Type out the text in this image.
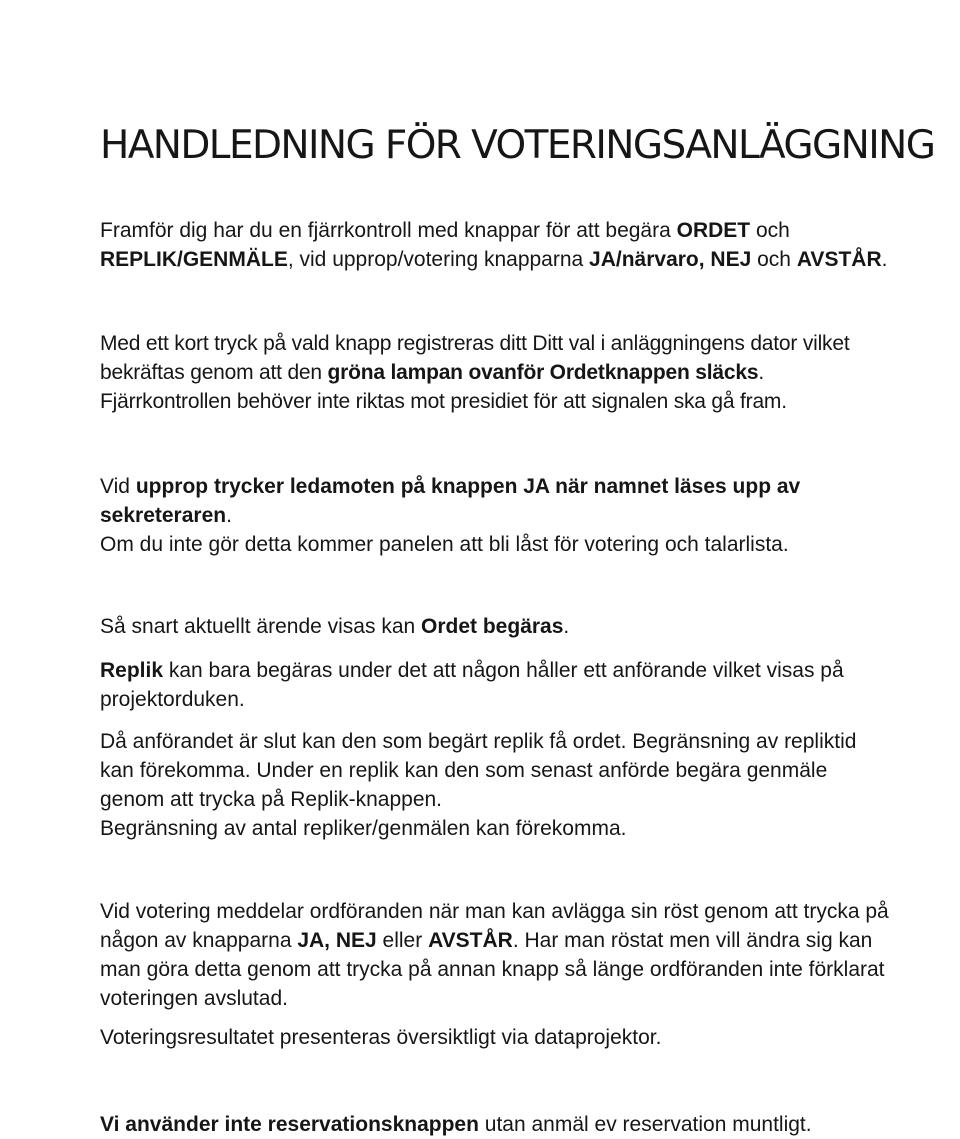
HANDLEDNING FÖR VOTERINGSANLÄGGNING

Framför dig har du en fjärrkontroll med knappar för att begära ORDET och
REPLIK/GENMÄLE, vid upprop/votering knapparna JA/närvaro, NEJ och AVSTÅR.

Med ett kort tryck på vald knapp registreras ditt Ditt val i anläggningens dator vilket
bekräftas genom att den gröna lampan ovanför Ordetknappen släcks.
Fjärrkontrollen behöver inte riktas mot presidiet för att signalen ska gå fram.

Vid upprop trycker ledamoten på knappen JA när namnet läses upp av
sekreteraren.
Om du inte gör detta kommer panelen att bli låst för votering och talarlista.

Så snart aktuellt ärende visas kan Ordet begäras.

Replik kan bara begäras under det att någon håller ett anförande vilket visas på
projektorduken.

Då anförandet är slut kan den som begärt replik få ordet. Begränsning av repliktid
kan förekomma. Under en replik kan den som senast anförde begära genmäle
genom att trycka på Replik-knappen.
Begränsning av antal repliker/genmälen kan förekomma.

Vid votering meddelar ordföranden när man kan avlägga sin röst genom att trycka på
någon av knapparna JA, NEJ eller AVSTÅR. Har man röstat men vill ändra sig kan
man göra detta genom att trycka på annan knapp så länge ordföranden inte förklarat
voteringen avslutad.

Voteringsresultatet presenteras översiktligt via dataprojektor.

Vi använder inte reservationsknappen utan anmäl ev reservation muntligt.
